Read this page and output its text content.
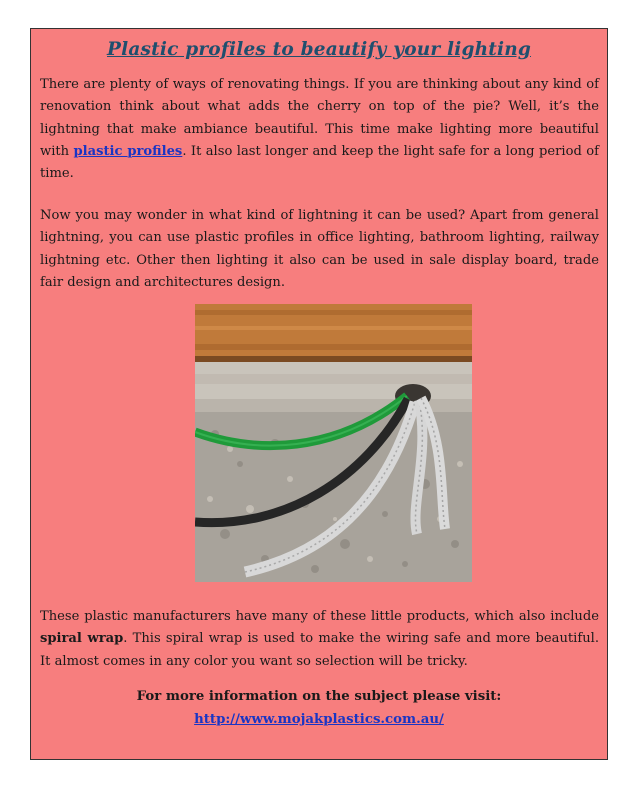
Plastic profiles to beautify your lighting

There are plenty of ways of renovating things. If you are thinking about any kind of renovation think about what adds the cherry on top of the pie? Well, it’s the lightning that make ambiance beautiful. This time make lighting more beautiful with plastic profiles. It also last longer and keep the light safe for a long period of time.

Now you may wonder in what kind of lightning it can be used? Apart from general lightning, you can use plastic profiles in office lighting, bathroom lighting, railway lightning etc. Other then lighting it also can be used in sale display board, trade fair design and architectures design.

These plastic manufacturers have many of these little products, which also include spiral wrap. This spiral wrap is used to make the wiring safe and more beautiful. It almost comes in any color you want so selection will be tricky.

For more information on the subject please visit:

http://www.mojakplastics.com.au/
